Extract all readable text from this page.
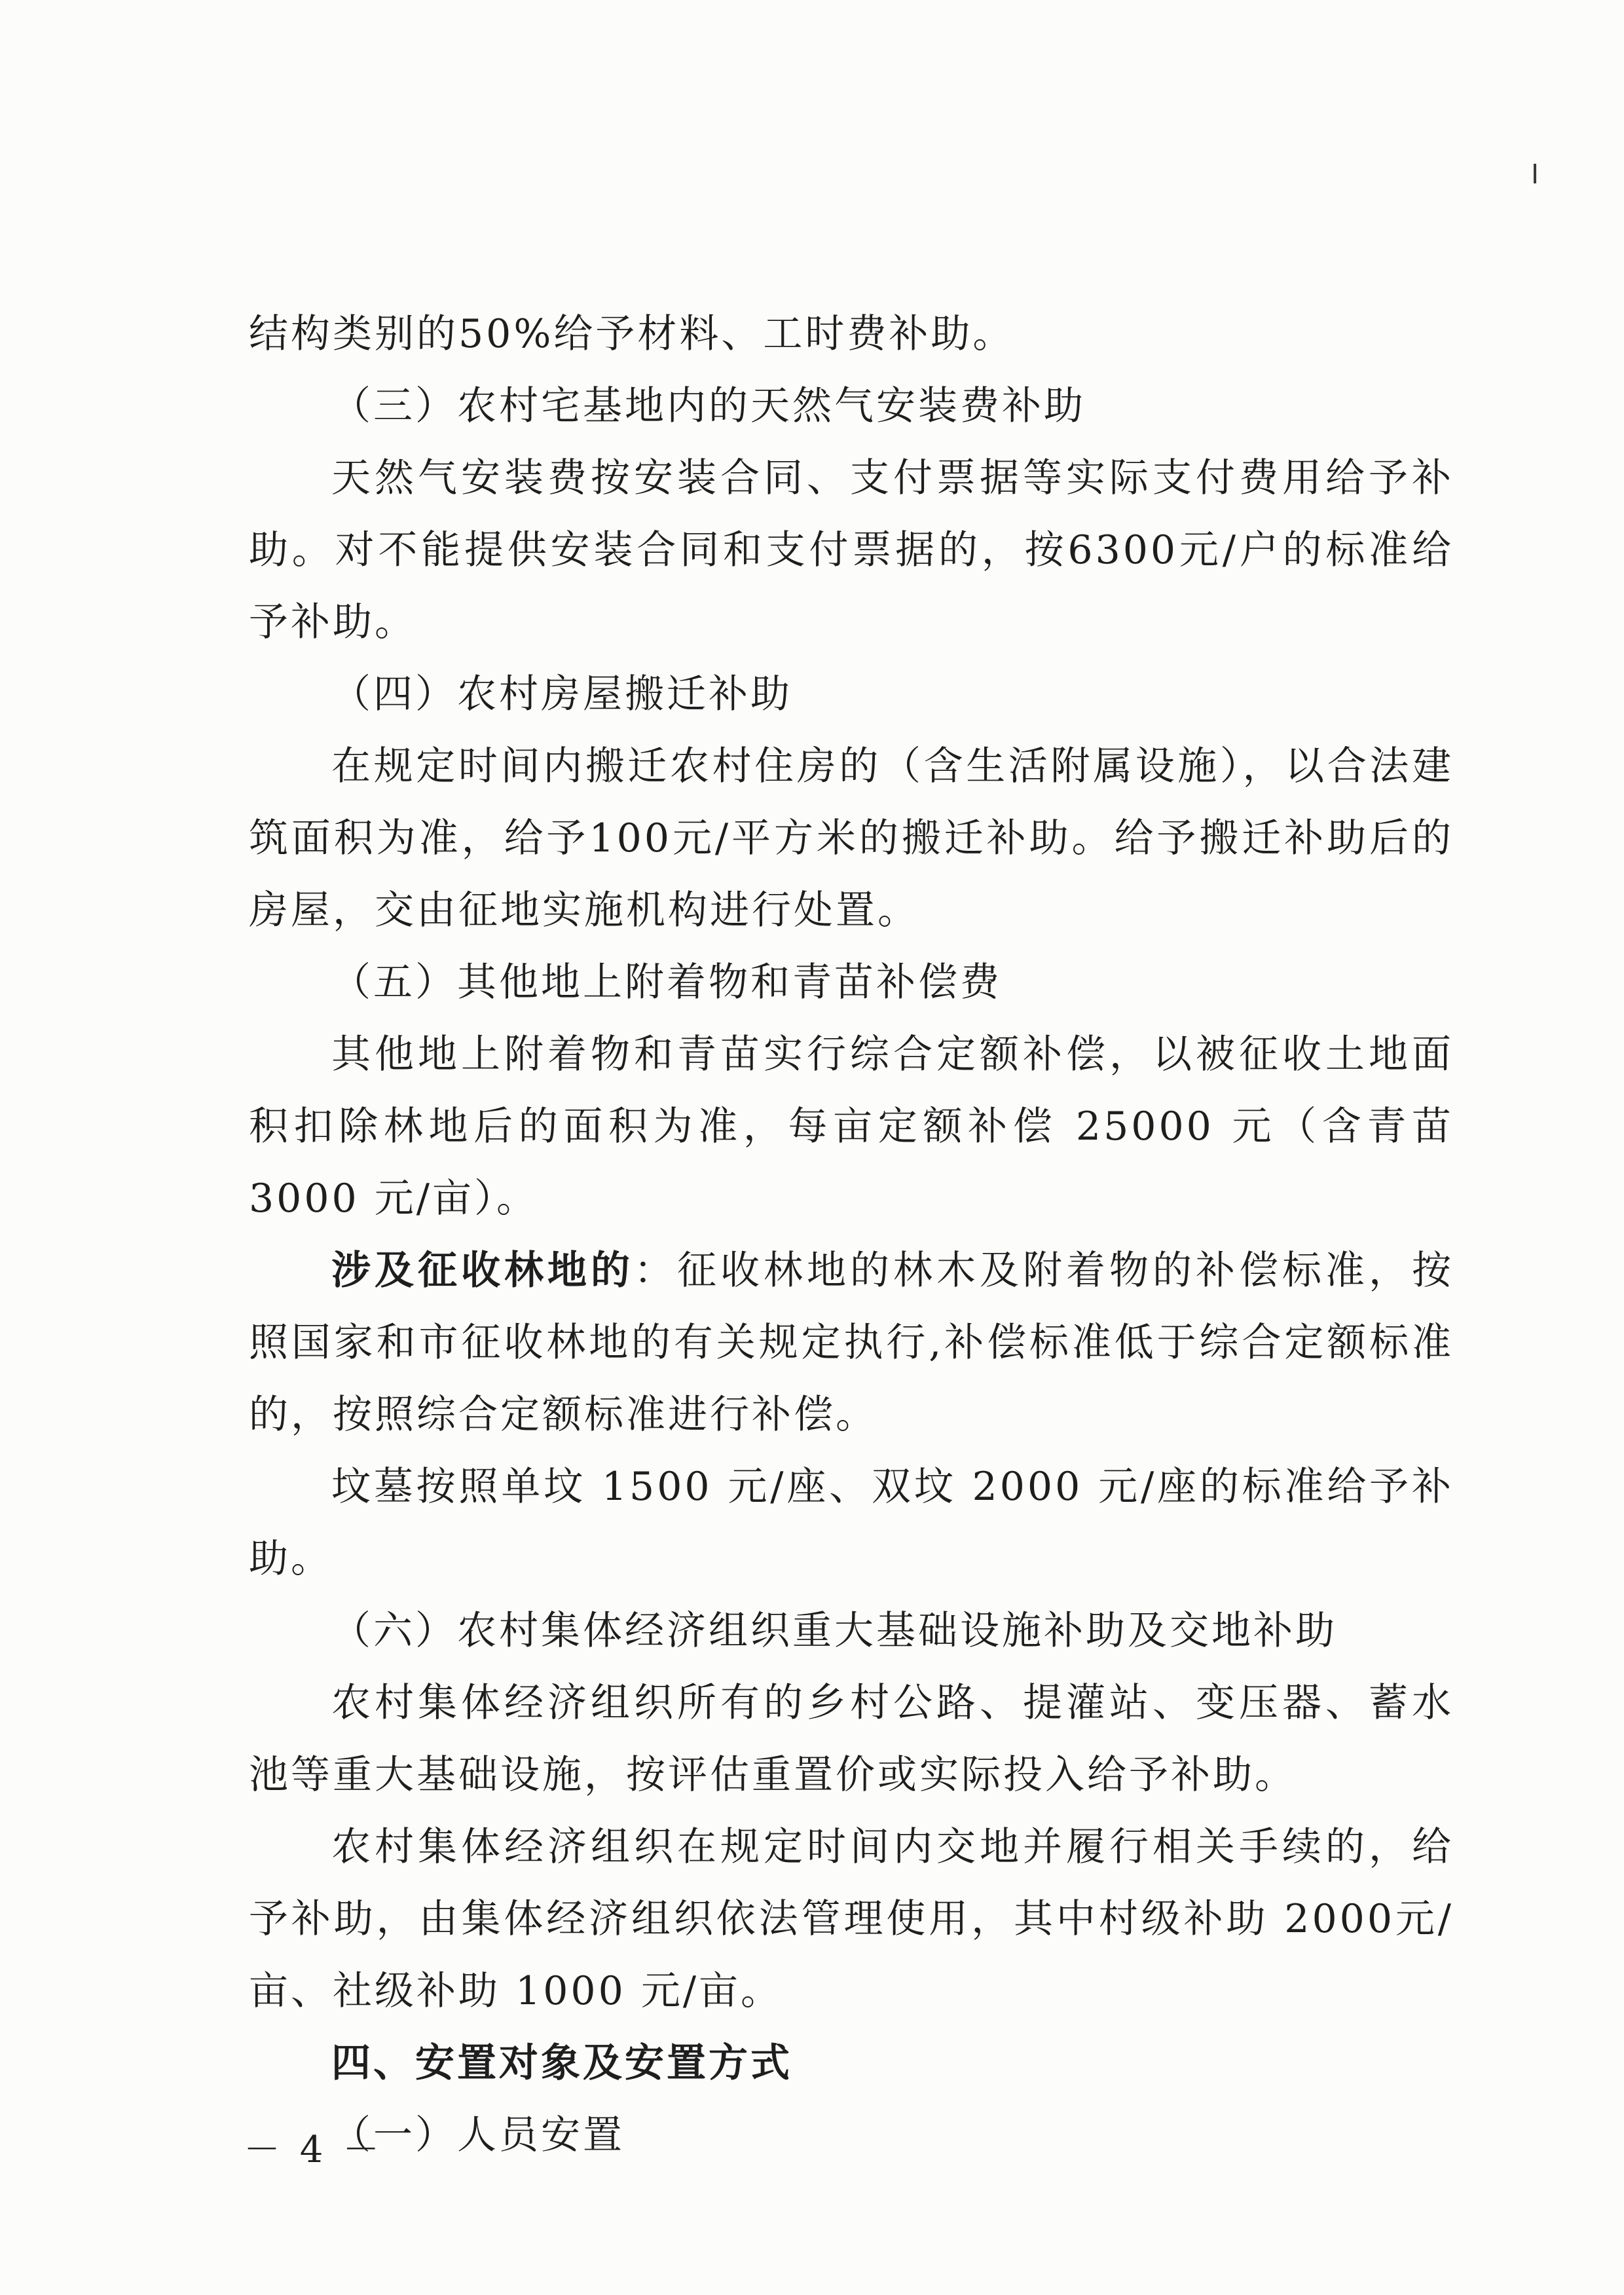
结构类别的50%给予材料、工时费补助。

（三）农村宅基地内的天然气安装费补助

天然气安装费按安装合同、支付票据等实际支付费用给予补助。对不能提供安装合同和支付票据的，按6300元/户的标准给予补助。

（四）农村房屋搬迁补助

在规定时间内搬迁农村住房的（含生活附属设施），以合法建筑面积为准，给予100元/平方米的搬迁补助。给予搬迁补助后的房屋，交由征地实施机构进行处置。

（五）其他地上附着物和青苗补偿费

其他地上附着物和青苗实行综合定额补偿，以被征收土地面积扣除林地后的面积为准，每亩定额补偿 25000 元（含青苗3000 元/亩）。

涉及征收林地的：征收林地的林木及附着物的补偿标准，按照国家和市征收林地的有关规定执行,补偿标准低于综合定额标准的，按照综合定额标准进行补偿。

坟墓按照单坟 1500 元/座、双坟 2000 元/座的标准给予补助。

（六）农村集体经济组织重大基础设施补助及交地补助

农村集体经济组织所有的乡村公路、提灌站、变压器、蓄水池等重大基础设施，按评估重置价或实际投入给予补助。

农村集体经济组织在规定时间内交地并履行相关手续的，给予补助，由集体经济组织依法管理使用，其中村级补助 2000元/亩、社级补助 1000 元/亩。

四、安置对象及安置方式

（一）人员安置

－ 4 －
